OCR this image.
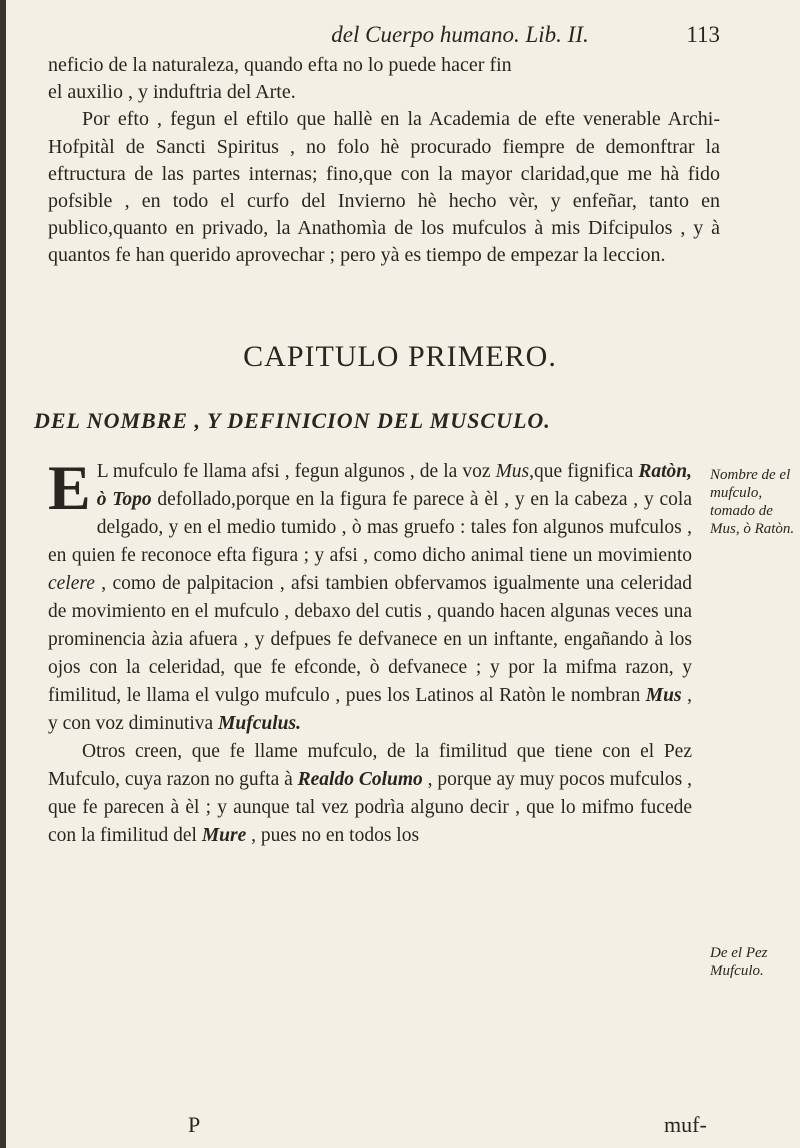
del Cuerpo humano. Lib. II.	113

neficio de la naturaleza, quando efta no lo puede hacer fin

el auxilio , y induftria del Arte.

Por efto , fegun el eftilo que hallè en la Academia de efte venerable Archi-Hofpitàl de Sancti Spiritus , no folo hè procurado fiempre de demonftrar la eftructura de las partes internas; fino,que con la mayor claridad,que me hà fido pofsible , en todo el curfo del Invierno hè hecho vèr, y enfeñar, tanto en publico,quanto en privado, la Anathomìa de los mufculos à mis Difcipulos , y à quantos fe han querido aprovechar ; pero yà es tiempo de empezar la leccion.

CAPITULO PRIMERO.
DEL NOMBRE , Y DEFINICION DEL MUSCULO.

E L mufculo fe llama afsi , fegun algunos , de la voz Mus,que fignifica Ratòn, ò Topo defollado,porque en la figura fe parece à èl , y en la cabeza , y cola delgado, y en el medio tumido , ò mas gruefo : tales fon algunos mufculos , en quien fe reconoce efta figura ; y afsi , como dicho animal tiene un movimiento celere , como de palpitacion , afsi tambien obfervamos igualmente una celeridad de movimiento en el mufculo , debaxo del cutis , quando hacen algunas veces una prominencia àzia afuera , y defpues fe defvanece en un inftante, engañando à los ojos con la celeridad, que fe efconde, ò defvanece ; y por la mifma razon, y fimilitud, le llama el vulgo mufculo , pues los Latinos al Ratòn le nombran Mus , y con voz diminutiva Mufculus.

Otros creen, que fe llame mufculo, de la fimilitud que tiene con el Pez Mufculo, cuya razon no gufta à Realdo Columo , porque ay muy pocos mufculos , que fe parecen à èl ; y aunque tal vez podrìa alguno decir , que lo mifmo fucede con la fimilitud del Mure , pues no en todos los

Nombre de el mufculo, tomado de Mus, ò Ratòn.
De el Pez Mufculo.
P	muf-
